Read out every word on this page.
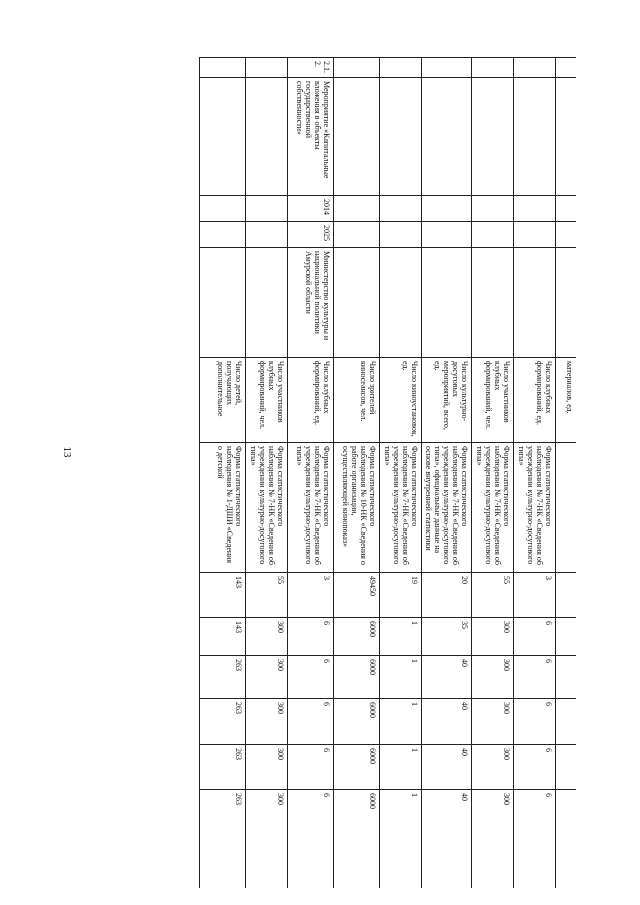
13
					материалов, ед.							
					Число клубных формирований, ед.	Форма статистического наблюдения № 7-НК «Сведения об учреждении культурно-досугового типа»	3	6	6	6	6	6
					Число участников клубных формирований, чел.	Форма статистического наблюдения № 7-НК «Сведения об учреждении культурно-досугового типа»	55	300	300	300	300	300
					Число культурно-досуговых мероприятий, всего, ед.	Форма статистического наблюдения № 7-НК «Сведения об учреждении культурно-досугового типа», официальные данные на основе внутренней статистики	20	35	40	40	40	40
					Число киноустановок, ед.	Форма статистического наблюдения № 7-НК «Сведения об учреждении культурно-досугового типа»	19	1	1	1	1	1
					Число зрителей киносеансов, чел.	Форма статистического наблюдения № 10-НК «Сведения о работе организации, осуществляющей кинопоказ»	49450	6000	6000	6000	6000	6000
2.1.2.	Мероприятие «Капитальные вложения в объекты государственной собственности»	2014	2025	Министерство культуры и национальной политики Амурской области	Число клубных формирований, ед.	Форма статистического наблюдения № 7-НК «Сведения об учреждении культурно-досугового типа»	3	6	6	6	6	6
					Число участников клубных формирований, чел.	Форма статистического наблюдения № 7-НК «Сведения об учреждении культурно-досугового типа»	55	300	300	300	300	300
					Число детей, получающих дополнительное	Форма статистического наблюдения № 1-ДШИ «Сведения о детской	143	143	263	263	263	263
